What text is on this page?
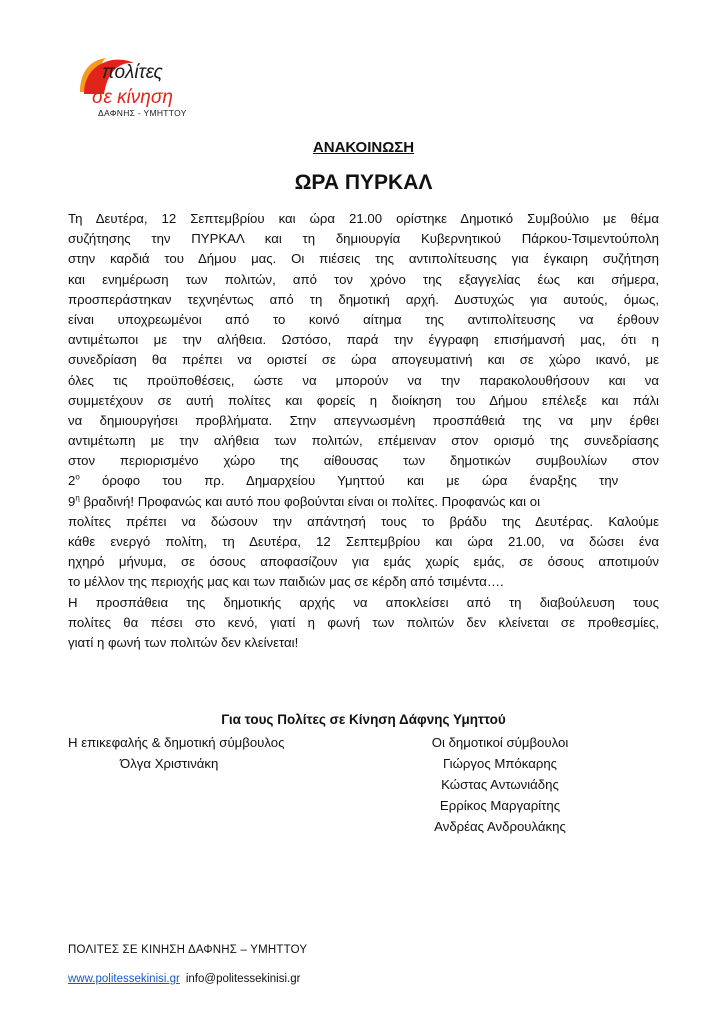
πολίτες
σε κίνηση
ΔΑΦΝΗΣ - ΥΜΗΤΤΟΥ
ΑΝΑΚΟΙΝΩΣΗ
ΩΡΑ ΠΥΡΚΑΛ
Τη Δευτέρα, 12 Σεπτεμβρίου και ώρα 21.00 ορίστηκε Δημοτικό Συμβούλιο με θέμα
συζήτησης την ΠΥΡΚΑΛ και τη δημιουργία Κυβερνητικού Πάρκου-Τσιμεντούπολη
στην καρδιά του Δήμου μας. Οι πιέσεις της αντιπολίτευσης για έγκαιρη συζήτηση
και ενημέρωση των πολιτών, από τον χρόνο της εξαγγελίας έως και σήμερα,
προσπεράστηκαν τεχνηέντως από τη δημοτική αρχή. Δυστυχώς για αυτούς, όμως,
είναι υποχρεωμένοι από το κοινό αίτημα της αντιπολίτευσης να έρθουν
αντιμέτωποι με την αλήθεια. Ωστόσο, παρά την έγγραφη επισήμανσή μας, ότι η
συνεδρίαση θα πρέπει να οριστεί σε ώρα απογευματινή και σε χώρο ικανό, με
όλες τις προϋποθέσεις, ώστε να μπορούν να την παρακολουθήσουν και να
συμμετέχουν σε αυτή πολίτες και φορείς η διοίκηση του Δήμου επέλεξε και πάλι
να δημιουργήσει προβλήματα. Στην απεγνωσμένη προσπάθειά της να μην έρθει
αντιμέτωπη με την αλήθεια των πολιτών, επέμειναν στον ορισμό της συνεδρίασης
στον περιορισμένο χώρο της αίθουσας των δημοτικών συμβουλίων στον
$2^o$ όροφο του πρ. Δημαρχείου Υμηττού και με ώρα έναρξης την
$9^\eta$ βραδινή! Προφανώς και αυτό που φοβούνται είναι οι πολίτες. Προφανώς και οι
πολίτες πρέπει να δώσουν την απάντησή τους το βράδυ της Δευτέρας. Καλούμε
κάθε ενεργό πολίτη, τη Δευτέρα, 12 Σεπτεμβρίου και ώρα 21.00, να δώσει ένα
ηχηρό μήνυμα, σε όσους αποφασίζουν για εμάς χωρίς εμάς, σε όσους αποτιμούν
το μέλλον της περιοχής μας και των παιδιών μας σε κέρδη από τσιμέντα….
Η προσπάθεια της δημοτικής αρχής να αποκλείσει από τη διαβούλευση τους
πολίτες θα πέσει στο κενό, γιατί η φωνή των πολιτών δεν κλείνεται σε προθεσμίες,
γιατί η φωνή των πολιτών δεν κλείνεται!
Για τους Πολίτες σε Κίνηση Δάφνης Υμηττού
Η επικεφαλής & δημοτική σύμβουλος
Όλγα Χριστινάκη
Οι δημοτικοί σύμβουλοι
Γιώργος Μπόκαρης
Κώστας Αντωνιάδης
Ερρίκος Μαργαρίτης
Ανδρέας Ανδρουλάκης
ΠΟΛΙΤΕΣ ΣΕ ΚΙΝΗΣΗ ΔΑΦΝΗΣ – ΥΜΗΤΤΟΥ
www.politessekinisi.gr info@politessekinisi.gr
